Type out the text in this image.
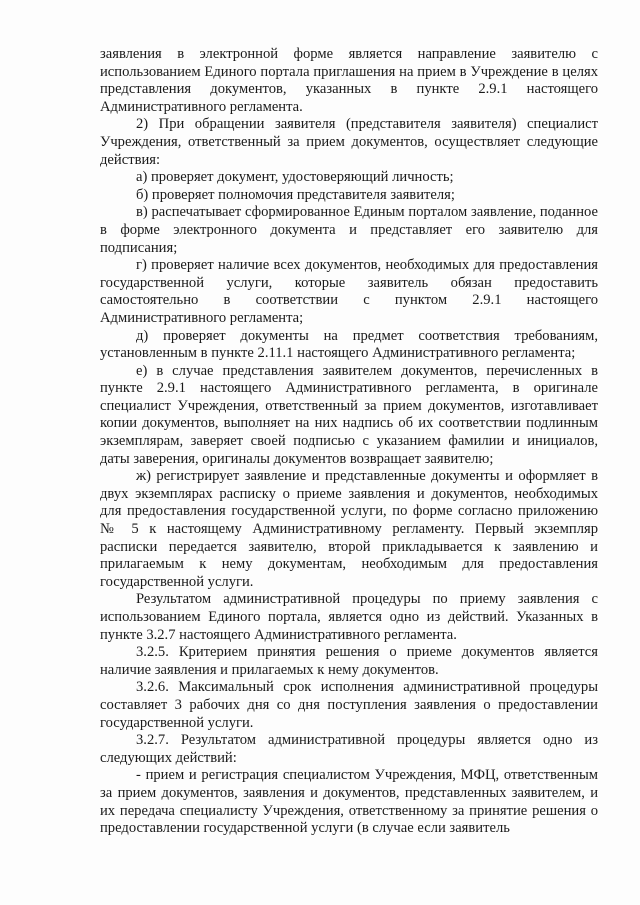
заявления в электронной форме является направление заявителю с использованием Единого портала приглашения на прием в Учреждение в целях представления документов, указанных в пункте 2.9.1 настоящего Административного регламента.

2) При обращении заявителя (представителя заявителя) специалист Учреждения, ответственный за прием документов, осуществляет следующие действия:

а) проверяет документ, удостоверяющий личность;

б) проверяет полномочия представителя заявителя;

в) распечатывает сформированное Единым порталом заявление, поданное в форме электронного документа и представляет его заявителю для подписания;

г) проверяет наличие всех документов, необходимых для предоставления государственной услуги, которые заявитель обязан предоставить самостоятельно в соответствии с пунктом 2.9.1 настоящего Административного регламента;

д) проверяет документы на предмет соответствия требованиям, установленным в пункте 2.11.1 настоящего Административного регламента;

е) в случае представления заявителем документов, перечисленных в пункте 2.9.1 настоящего Административного регламента, в оригинале специалист Учреждения, ответственный за прием документов, изготавливает копии документов, выполняет на них надпись об их соответствии подлинным экземплярам, заверяет своей подписью с указанием фамилии и инициалов, даты заверения, оригиналы документов возвращает заявителю;

ж) регистрирует заявление и представленные документы и оформляет в двух экземплярах расписку о приеме заявления и документов, необходимых для предоставления государственной услуги, по форме согласно приложению № 5 к настоящему Административному регламенту. Первый экземпляр расписки передается заявителю, второй прикладывается к заявлению и прилагаемым к нему документам, необходимым для предоставления государственной услуги.

Результатом административной процедуры по приему заявления с использованием Единого портала, является одно из действий. Указанных в пункте 3.2.7 настоящего Административного регламента.

3.2.5. Критерием принятия решения о приеме документов является наличие заявления и прилагаемых к нему документов.

3.2.6. Максимальный срок исполнения административной процедуры составляет 3 рабочих дня со дня поступления заявления о предоставлении государственной услуги.

3.2.7. Результатом административной процедуры является одно из следующих действий:

- прием и регистрация специалистом Учреждения, МФЦ, ответственным за прием документов, заявления и документов, представленных заявителем, и их передача специалисту Учреждения, ответственному за принятие решения о предоставлении государственной услуги (в случае если заявитель
